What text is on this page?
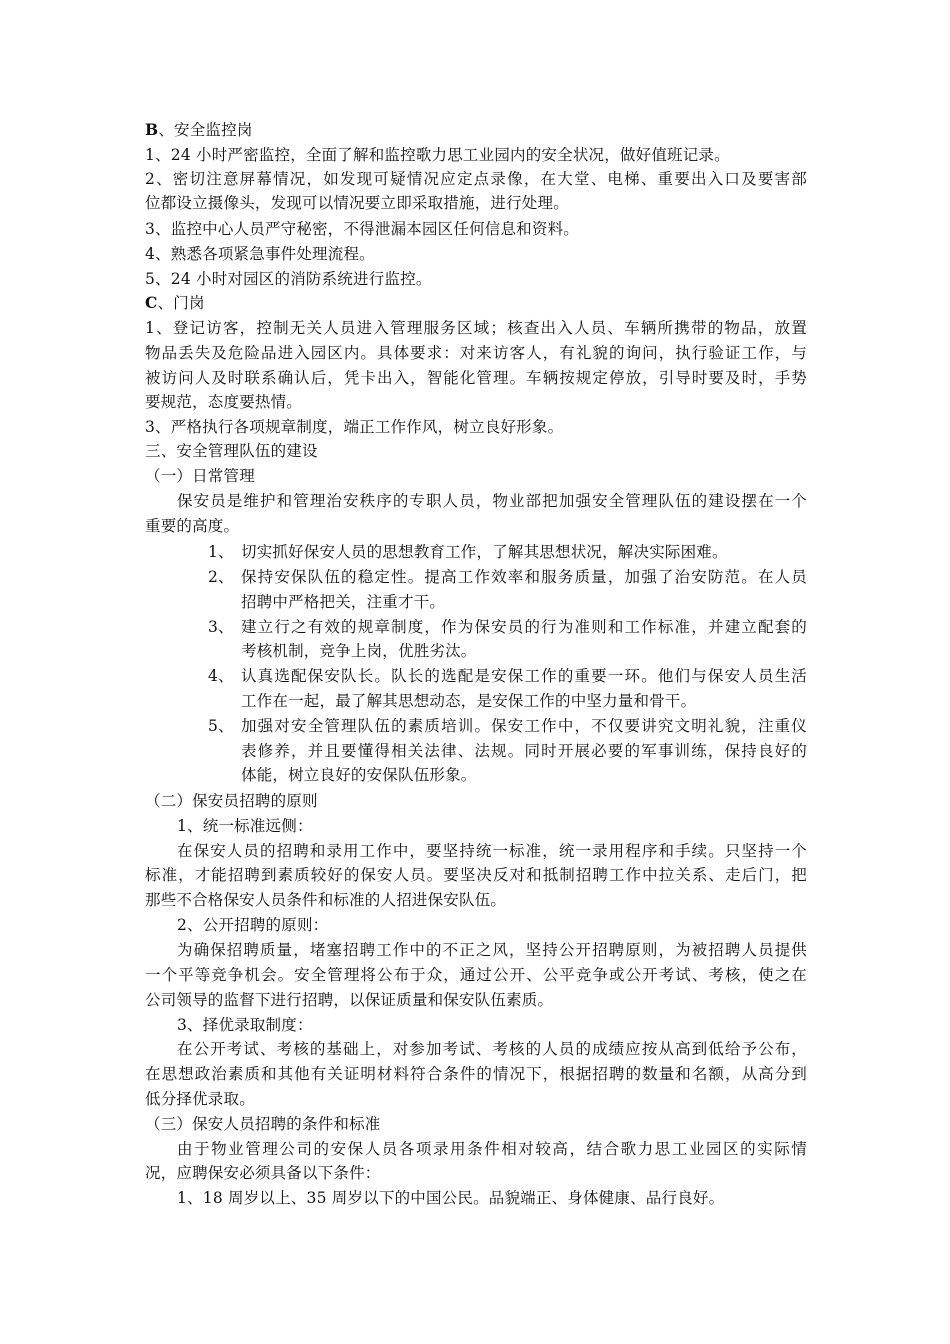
B、安全监控岗
1、24 小时严密监控，全面了解和监控歌力思工业园内的安全状况，做好值班记录。
2、密切注意屏幕情况，如发现可疑情况应定点录像，在大堂、电梯、重要出入口及要害部
位都设立摄像头，发现可以情况要立即采取措施，进行处理。
3、监控中心人员严守秘密，不得泄漏本园区任何信息和资料。
4、熟悉各项紧急事件处理流程。
5、24 小时对园区的消防系统进行监控。
C、门岗
1、登记访客，控制无关人员进入管理服务区域；核查出入人员、车辆所携带的物品，放置
物品丢失及危险品进入园区内。具体要求：对来访客人，有礼貌的询问，执行验证工作，与
被访问人及时联系确认后，凭卡出入，智能化管理。车辆按规定停放，引导时要及时，手势
要规范，态度要热情。
3、严格执行各项规章制度，端正工作作风，树立良好形象。
三、安全管理队伍的建设
（一）日常管理
保安员是维护和管理治安秩序的专职人员，物业部把加强安全管理队伍的建设摆在一个
重要的高度。
1、 切实抓好保安人员的思想教育工作，了解其思想状况，解决实际困难。
2、 保持安保队伍的稳定性。提高工作效率和服务质量，加强了治安防范。在人员
招聘中严格把关，注重才干。
3、 建立行之有效的规章制度，作为保安员的行为准则和工作标准，并建立配套的
考核机制，竞争上岗，优胜劣汰。
4、 认真选配保安队长。队长的选配是安保工作的重要一环。他们与保安人员生活
工作在一起，最了解其思想动态，是安保工作的中坚力量和骨干。
5、 加强对安全管理队伍的素质培训。保安工作中，不仅要讲究文明礼貌，注重仪
表修养，并且要懂得相关法律、法规。同时开展必要的军事训练，保持良好的
体能，树立良好的安保队伍形象。
（二）保安员招聘的原则
1、统一标准远侧：
在保安人员的招聘和录用工作中，要坚持统一标准，统一录用程序和手续。只坚持一个
标准，才能招聘到素质较好的保安人员。要坚决反对和抵制招聘工作中拉关系、走后门，把
那些不合格保安人员条件和标准的人招进保安队伍。
2、公开招聘的原则：
为确保招聘质量，堵塞招聘工作中的不正之风，坚持公开招聘原则，为被招聘人员提供
一个平等竞争机会。安全管理将公布于众，通过公开、公平竞争或公开考试、考核，使之在
公司领导的监督下进行招聘，以保证质量和保安队伍素质。
3、择优录取制度：
在公开考试、考核的基础上，对参加考试、考核的人员的成绩应按从高到低给予公布，
在思想政治素质和其他有关证明材料符合条件的情况下，根据招聘的数量和名额，从高分到
低分择优录取。
（三）保安人员招聘的条件和标准
由于物业管理公司的安保人员各项录用条件相对较高，结合歌力思工业园区的实际情
况，应聘保安必须具备以下条件：
1、18 周岁以上、35 周岁以下的中国公民。品貌端正、身体健康、品行良好。
